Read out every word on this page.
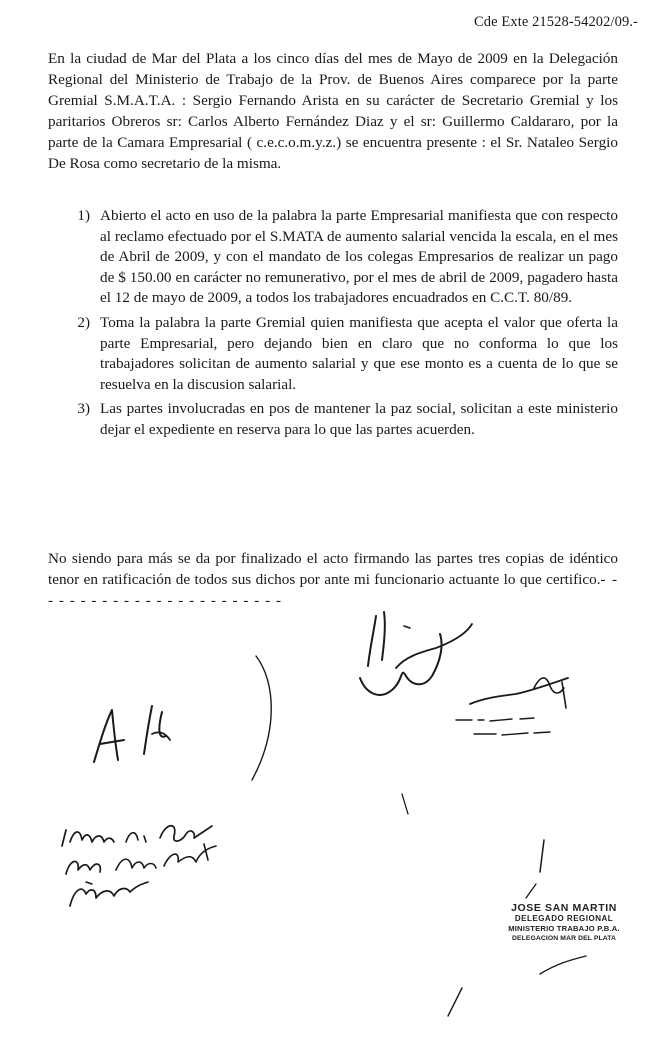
Cde Exte 21528-54202/09.-

En la ciudad de Mar del Plata a los cinco días del mes de Mayo de 2009 en la Delegación Regional del Ministerio de Trabajo de la Prov. de Buenos Aires comparece por la parte Gremial S.M.A.T.A. : Sergio Fernando Arista en su carácter de Secretario Gremial y los paritarios Obreros sr: Carlos Alberto Fernández Diaz y el sr: Guillermo Caldararo, por la parte de la Camara Empresarial ( c.e.c.o.m.y.z.) se encuentra presente : el Sr. Nataleo Sergio De Rosa como secretario de la misma.

1) Abierto el acto en uso de la palabra la parte Empresarial manifiesta que con respecto al reclamo efectuado por el S.MATA de aumento salarial vencida la escala, en el mes de Abril de 2009, y con el mandato de los colegas Empresarios de realizar un pago de $ 150.00 en carácter no remunerativo, por el mes de abril de 2009, pagadero hasta el 12 de mayo de 2009, a todos los trabajadores encuadrados en C.C.T. 80/89.
2) Toma la palabra la parte Gremial quien manifiesta que acepta el valor que oferta la parte Empresarial, pero dejando bien en claro que no conforma lo que los trabajadores solicitan de aumento salarial y que ese monto es a cuenta de lo que se resuelva en la discusion salarial.
3) Las partes involucradas en pos de mantener la paz social, solicitan a este ministerio dejar el expediente en reserva para lo que las partes acuerden.

No siendo para más se da por finalizado el acto firmando las partes tres copias de idéntico tenor en ratificación de todos sus dichos por ante mi funcionario actuante lo que certifico.- - - - - - - - - - - - - - - - - - - - - - - -

JOSE SAN MARTIN
DELEGADO REGIONAL
MINISTERIO TRABAJO P.B.A.
DELEGACION MAR DEL PLATA
